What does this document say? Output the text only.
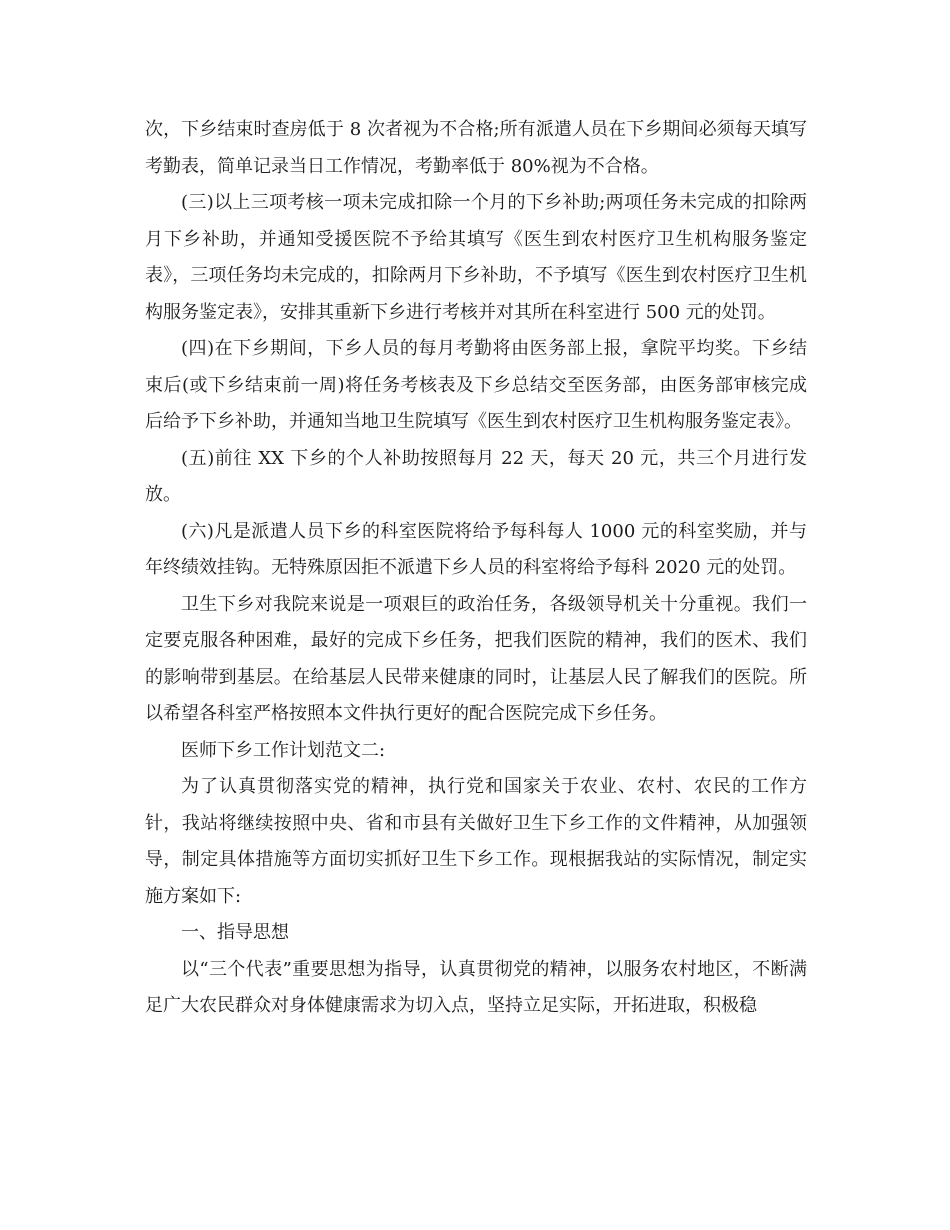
次，下乡结束时查房低于 8 次者视为不合格;所有派遣人员在下乡期间必须每天填写考勤表，简单记录当日工作情况，考勤率低于 80%视为不合格。

(三)以上三项考核一项未完成扣除一个月的下乡补助;两项任务未完成的扣除两月下乡补助，并通知受援医院不予给其填写《医生到农村医疗卫生机构服务鉴定表》，三项任务均未完成的，扣除两月下乡补助，不予填写《医生到农村医疗卫生机构服务鉴定表》，安排其重新下乡进行考核并对其所在科室进行 500 元的处罚。

(四)在下乡期间，下乡人员的每月考勤将由医务部上报，拿院平均奖。下乡结束后(或下乡结束前一周)将任务考核表及下乡总结交至医务部，由医务部审核完成后给予下乡补助，并通知当地卫生院填写《医生到农村医疗卫生机构服务鉴定表》。

(五)前往 XX 下乡的个人补助按照每月 22 天，每天 20 元，共三个月进行发放。

(六)凡是派遣人员下乡的科室医院将给予每科每人 1000 元的科室奖励，并与年终绩效挂钩。无特殊原因拒不派遣下乡人员的科室将给予每科 2020 元的处罚。

卫生下乡对我院来说是一项艰巨的政治任务，各级领导机关十分重视。我们一定要克服各种困难，最好的完成下乡任务，把我们医院的精神，我们的医术、我们的影响带到基层。在给基层人民带来健康的同时，让基层人民了解我们的医院。所以希望各科室严格按照本文件执行更好的配合医院完成下乡任务。

医师下乡工作计划范文二:

为了认真贯彻落实党的精神，执行党和国家关于农业、农村、农民的工作方针，我站将继续按照中央、省和市县有关做好卫生下乡工作的文件精神，从加强领导，制定具体措施等方面切实抓好卫生下乡工作。现根据我站的实际情况，制定实施方案如下:

一、指导思想

以“三个代表”重要思想为指导，认真贯彻党的精神，以服务农村地区，不断满足广大农民群众对身体健康需求为切入点，坚持立足实际，开拓进取，积极稳
